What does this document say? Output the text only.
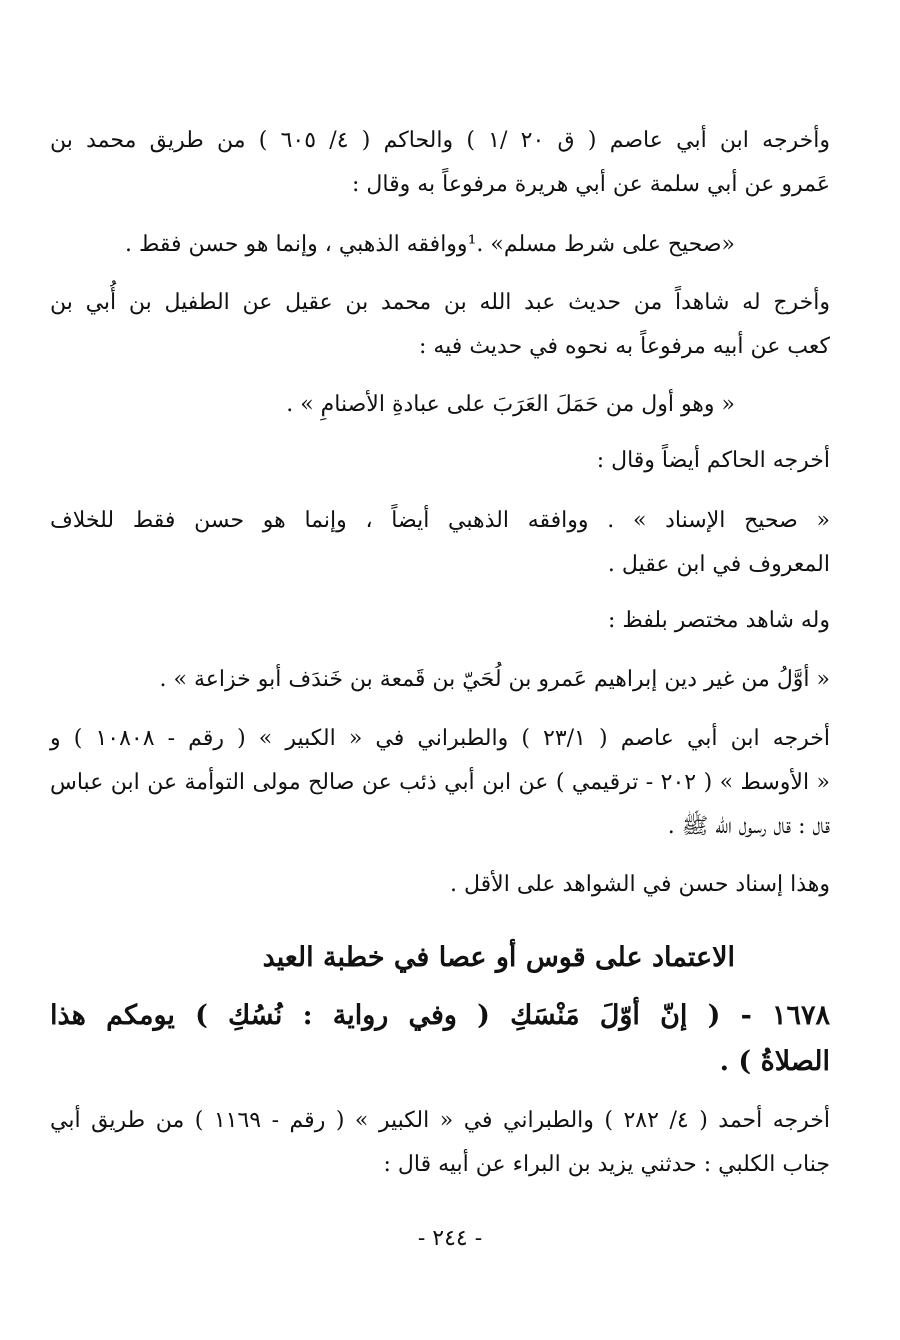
وأخرجه ابن أبي عاصم ( ق ٢٠ /١ ) والحاكم ( ٤/ ٦٠٥ ) من طريق محمد بن
عَمرو عن أبي سلمة عن أبي هريرة مرفوعاً به وقال :
«صحيح على شرط مسلم» .¹ووافقه الذهبي ، وإنما هو حسن فقط .
وأخرج له شاهداً من حديث عبد الله بن محمد بن عقيل عن الطفيل بن أُبي بن
كعب عن أبيه مرفوعاً به نحوه في حديث فيه :
« وهو أول من حَمَلَ العَرَبَ على عبادةِ الأصنامِ » .
أخرجه الحاكم أيضاً وقال :
« صحيح الإسناد » . ووافقه الذهبي أيضاً ، وإنما هو حسن فقط للخلاف
المعروف في ابن عقيل .
وله شاهد مختصر بلفظ :
« أوَّلُ من غير دين إبراهيم عَمرو بن لُحَيّ بن قَمعة بن خَندَف أبو خزاعة » .
أخرجه ابن أبي عاصم ( ٢٣/١ ) والطبراني في « الكبير » ( رقم - ١٠٨٠٨ ) و
« الأوسط » ( ٢٠٢ - ترقيمي ) عن ابن أبي ذئب عن صالح مولى التوأمة عن ابن عباس
قال : قال رسول الله ﷺ .
وهذا إسناد حسن في الشواهد على الأقل .
الاعتماد على قوس أو عصا في خطبة العيد
١٦٧٨ - ( إنّ أوّلَ مَنْسَكِ ( وفي رواية : نُسُكِ ) يومكم هذا
الصلاةُ ) .
أخرجه أحمد ( ٤/ ٢٨٢ ) والطبراني في « الكبير » ( رقم - ١١٦٩ ) من طريق أبي
جناب الكلبي : حدثني يزيد بن البراء عن أبيه قال :
- ٢٤٤ -
